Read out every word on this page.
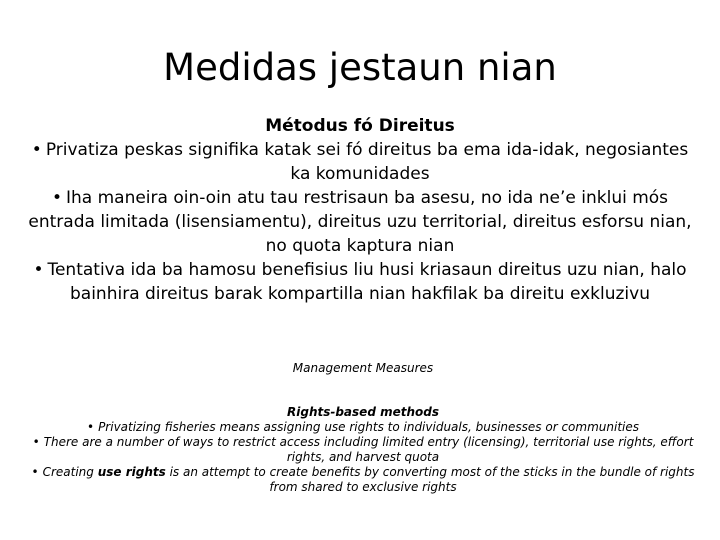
Medidas jestaun nian

Métodus fó Direitus

• Privatiza peskas signifika katak sei fó direitus ba ema ida-idak, negosiantes ka komunidades

• Iha maneira oin-oin atu tau restrisaun ba asesu, no ida ne’e inklui mós entrada limitada (lisensiamentu), direitus uzu territorial, direitus esforsu nian, no quota kaptura nian

• Tentativa ida ba hamosu benefisius liu husi kriasaun direitus uzu nian, halo bainhira direitus barak kompartilla nian hakfilak ba direitu exkluzivu

Management Measures

Rights-based methods

• Privatizing fisheries means assigning use rights to individuals, businesses or communities

• There are a number of ways to restrict access including limited entry (licensing), territorial use rights, effort rights, and harvest quota

• Creating use rights is an attempt to create benefits by converting most of the sticks in the bundle of rights from shared to exclusive rights
